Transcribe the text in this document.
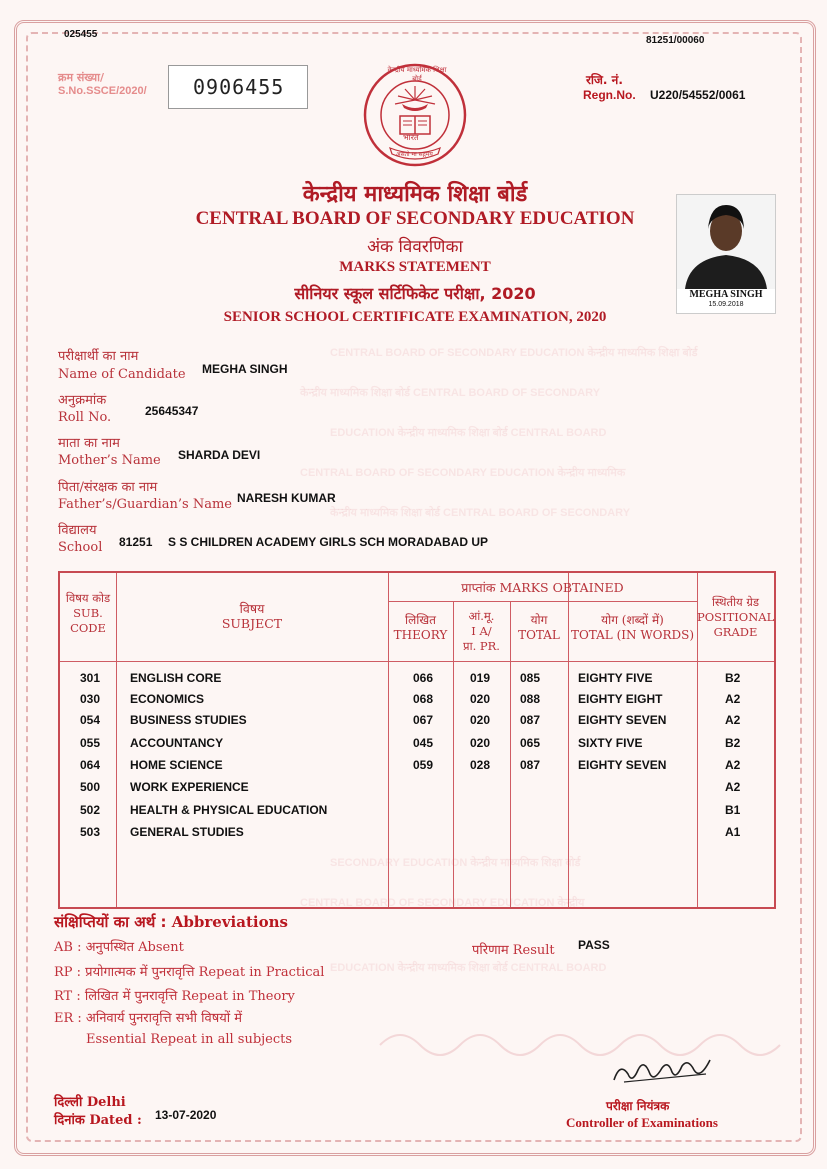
CENTRAL BOARD OF SECONDARY EDUCATION केन्द्रीय माध्यमिक शिक्षा बोर्ड
केन्द्रीय माध्यमिक शिक्षा बोर्ड CENTRAL BOARD OF SECONDARY
EDUCATION केन्द्रीय माध्यमिक शिक्षा बोर्ड CENTRAL BOARD
CENTRAL BOARD OF SECONDARY EDUCATION केन्द्रीय माध्यमिक
केन्द्रीय माध्यमिक शिक्षा बोर्ड CENTRAL BOARD OF SECONDARY
SECONDARY EDUCATION केन्द्रीय माध्यमिक शिक्षा बोर्ड
CENTRAL BOARD OF SECONDARY EDUCATION केन्द्रीय
EDUCATION केन्द्रीय माध्यमिक शिक्षा बोर्ड CENTRAL BOARD
025455
81251/00060
क्रम संख्या/
S.No.SSCE/2020/ 0906455	रजि. नं.
Regn.No. U220/54552/0061
भारत
असतो मा सद्गमय
केन्द्रीय माध्यमिक शिक्षा बोर्ड
केन्द्रीय माध्यमिक शिक्षा बोर्ड
CENTRAL BOARD OF SECONDARY EDUCATION
अंक विवरणिका
MARKS STATEMENT
सीनियर स्कूल सर्टिफिकेट परीक्षा, 2020
SENIOR SCHOOL CERTIFICATE EXAMINATION, 2020
MEGHA SINGH
15.09.2018
परीक्षार्थी का नाम
Name of Candidate MEGHA SINGH
अनुक्रमांक
Roll No.	25645347
माता का नाम
Mother’s Name SHARDA DEVI
पिता/संरक्षक का नाम
Father’s/Guardian’s Name NARESH KUMAR
विद्यालय
School 81251 S S CHILDREN ACADEMY GIRLS SCH MORADABAD UP
विषय कोड
SUB.
CODE
विषय
SUBJECT
प्राप्तांक MARKS OBTAINED
लिखित
THEORY
आं.मू.
I A/
प्रा. PR.
योग
TOTAL
योग (शब्दों में)
TOTAL (IN WORDS)
स्थितीय ग्रेड
POSITIONAL
GRADE
301 ENGLISH CORE	066	019 085	EIGHTY FIVE	B2
030 ECONOMICS	068	020 088	EIGHTY EIGHT	A2
054 BUSINESS STUDIES	067	020 087	EIGHTY SEVEN	A2
055 ACCOUNTANCY	045	020 065	SIXTY FIVE	B2
064 HOME SCIENCE	059	028 087	EIGHTY SEVEN	A2
500 WORK EXPERIENCE	A2
502 HEALTH & PHYSICAL EDUCATION	B1
503 GENERAL STUDIES	A1
संक्षिप्तियों का अर्थ : Abbreviations
AB : अनुपस्थित Absent
RP : प्रयोगात्मक में पुनरावृत्ति Repeat in Practical
RT : लिखित में पुनरावृत्ति Repeat in Theory
ER : अनिवार्य पुनरावृत्ति सभी विषयों में
Essential Repeat in all subjects
परिणाम Result PASS
दिल्ली Delhi
दिनांक Dated : 13-07-2020
परीक्षा नियंत्रक
Controller of Examinations
